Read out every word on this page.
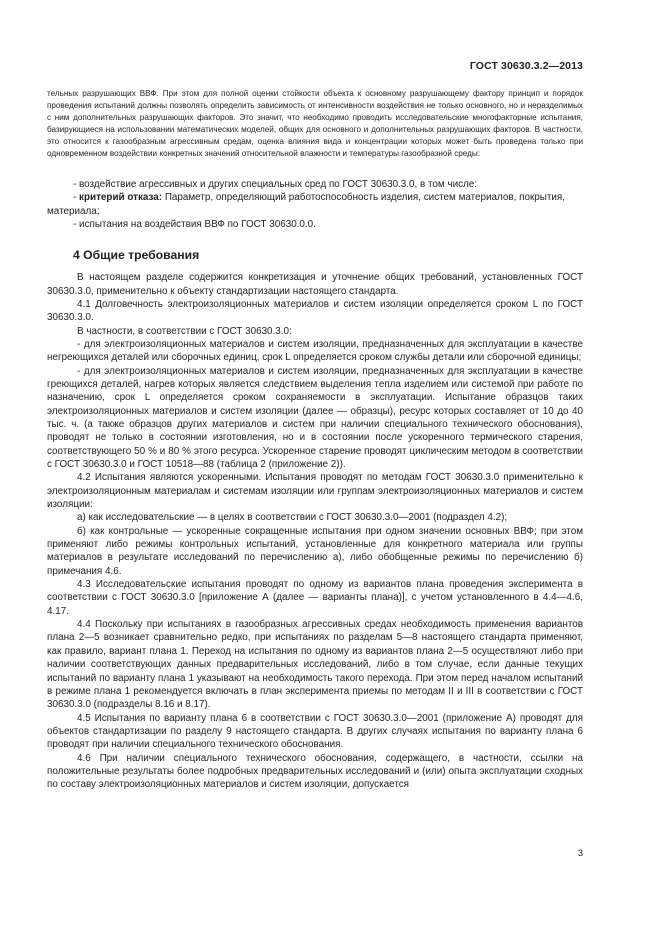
ГОСТ 30630.3.2—2013

тельных разрушающих ВВФ. При этом для полной оценки стойкости объекта к основному разрушающему фактору принцип и порядок проведения испытаний должны позволять определить зависимость от интенсивности воздействия не только основного, но и неразделимых с ним дополнительных разрушающих факторов. Это значит, что необходимо проводить исследовательские многофакторные испытания, базирующиеся на использовании математических моделей, общих для основного и дополнительных разрушающих факторов. В частности, это относится к газообразным агрессивным средам, оценка влияния вида и концентрации которых может быть проведена только при одновременном воздействии конкретных значений относительной влажности и температуры газообразной среды:

- воздействие агрессивных и других специальных сред по ГОСТ 30630.3.0, в том числе:

- критерий отказа: Параметр, определяющий работоспособность изделия, систем материалов, покрытия, материала;

- испытания на воздействия ВВФ по ГОСТ 30630.0.0.

4 Общие требования

В настоящем разделе содержится конкретизация и уточнение общих требований, установленных ГОСТ 30630.3.0, применительно к объекту стандартизации настоящего стандарта.

4.1 Долговечность электроизоляционных материалов и систем изоляции определяется сроком L по ГОСТ 30630.3.0.

В частности, в соответствии с ГОСТ 30630.3.0:

- для электроизоляционных материалов и систем изоляции, предназначенных для эксплуатации в качестве негреющихся деталей или сборочных единиц, срок L определяется сроком службы детали или сборочной единицы;

- для электроизоляционных материалов и систем изоляции, предназначенных для эксплуатации в качестве греющихся деталей, нагрев которых является следствием выделения тепла изделием или системой при работе по назначению, срок L определяется сроком сохраняемости в эксплуатации. Испытание образцов таких электроизоляционных материалов и систем изоляции (далее — образцы), ресурс которых составляет от 10 до 40 тыс. ч. (а также образцов других материалов и систем при наличии специального технического обоснования), проводят не только в состоянии изготовления, но и в состоянии после ускоренного термического старения, соответствующего 50 % и 80 % этого ресурса. Ускоренное старение проводят циклическим методом в соответствии с ГОСТ 30630.3.0 и ГОСТ 10518—88 (таблица 2 (приложение 2)).

4.2 Испытания являются ускоренными. Испытания проводят по методам ГОСТ 30630.3.0 применительно к электроизоляционным материалам и системам изоляции или группам электроизоляционных материалов и систем изоляции:

а) как исследовательские — в целях в соответствии с ГОСТ 30630.3.0—2001 (подраздел 4.2);

б) как контрольные — ускоренные сокращенные испытания при одном значении основных ВВФ; при этом применяют либо режимы контрольных испытаний, установленные для конкретного материала или группы материалов в результате исследований по перечислению а), либо обобщенные режимы по перечислению б) примечания 4.6.

4.3 Исследовательские испытания проводят по одному из вариантов плана проведения эксперимента в соответствии с ГОСТ 30630.3.0 [приложение А (далее — варианты плана)], с учетом установленного в 4.4—4.6, 4.17.

4.4 Поскольку при испытаниях в газообразных агрессивных средах необходимость применения вариантов плана 2—5 возникает сравнительно редко, при испытаниях по разделам 5—8 настоящего стандарта применяют, как правило, вариант плана 1. Переход на испытания по одному из вариантов плана 2—5 осуществляют либо при наличии соответствующих данных предварительных исследований, либо в том случае, если данные текущих испытаний по варианту плана 1 указывают на необходимость такого перехода. При этом перед началом испытаний в режиме плана 1 рекомендуется включать в план эксперимента приемы по методам II и III в соответствии с ГОСТ 30630.3.0 (подразделы 8.16 и 8.17).

4.5 Испытания по варианту плана 6 в соответствии с ГОСТ 30630.3.0—2001 (приложение А) проводят для объектов стандартизации по разделу 9 настоящего стандарта. В других случаях испытания по варианту плана 6 проводят при наличии специального технического обоснования.

4.6 При наличии специального технического обоснования, содержащего, в частности, ссылки на положительные результаты более подробных предварительных исследований и (или) опыта эксплуатации сходных по составу электроизоляционных материалов и систем изоляции, допускается

3
